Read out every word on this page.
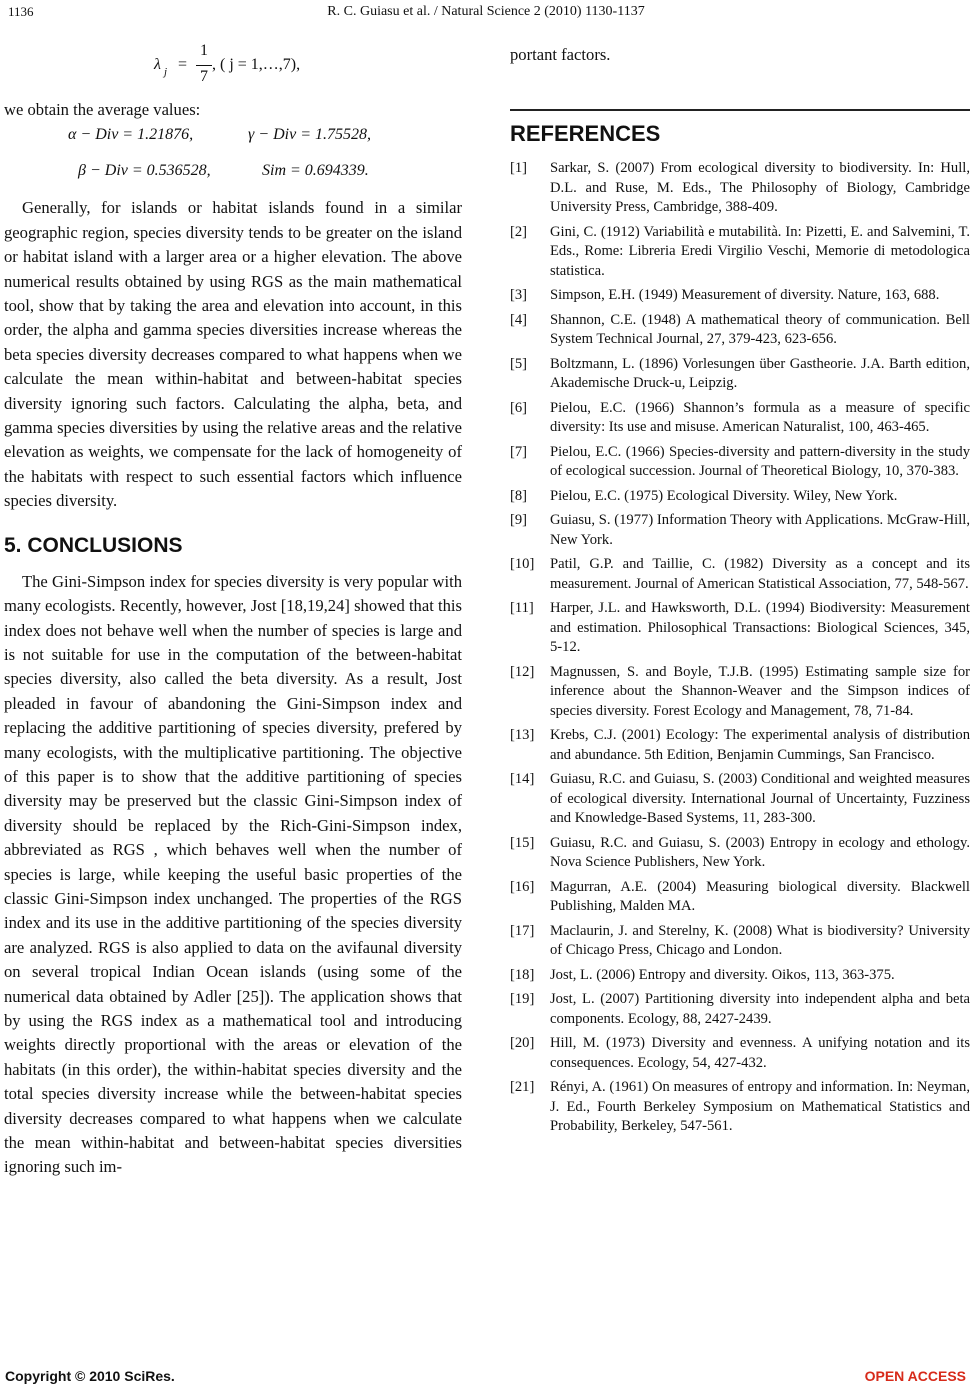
1136	R. C. Guiasu et al. / Natural Science 2 (2010) 1130-1137
λ j =
1
7
, ( j = 1,…,7),

we obtain the average values:

α − Div = 1.21876,	γ − Div = 1.75528,
β − Div = 0.536528,	Sim = 0.694339.

Generally, for islands or habitat islands found in a similar geographic region, species diversity tends to be greater on the island or habitat island with a larger area or a higher elevation. The above numerical results obtained by using RGS as the main mathematical tool, show that by taking the area and elevation into account, in this order, the alpha and gamma species diversities increase whereas the beta species diversity decreases compared to what happens when we calculate the mean within-habitat and between-habitat species diversity ignoring such factors. Calculating the alpha, beta, and gamma species diversities by using the relative areas and the relative elevation as weights, we compensate for the lack of homogeneity of the habitats with respect to such essential factors which influence species diversity.

5. CONCLUSIONS

The Gini-Simpson index for species diversity is very popular with many ecologists. Recently, however, Jost [18,19,24] showed that this index does not behave well when the number of species is large and is not suitable for use in the computation of the between-habitat species diversity, also called the beta diversity. As a result, Jost pleaded in favour of abandoning the Gini-Simpson index and replacing the additive partitioning of species diversity, prefered by many ecologists, with the multiplicative partitioning. The objective of this paper is to show that the additive partitioning of species diversity may be preserved but the classic Gini-Simpson index of diversity should be replaced by the Rich-Gini-Simpson index, abbreviated as RGS , which behaves well when the number of species is large, while keeping the useful basic properties of the classic Gini-Simpson index unchanged. The properties of the RGS index and its use in the additive partitioning of the species diversity are analyzed. RGS is also applied to data on the avifaunal diversity on several tropical Indian Ocean islands (using some of the numerical data obtained by Adler [25]). The application shows that by using the RGS index as a mathematical tool and introducing weights directly proportional with the areas or elevation of the habitats (in this order), the within-habitat species diversity and the total species diversity increase while the between-habitat species diversity decreases compared to what happens when we calculate the mean within-habitat and between-habitat species diversities ignoring such im-

portant factors.

REFERENCES
[1]	Sarkar, S. (2007) From ecological diversity to biodiversity. In: Hull, D.L. and Ruse, M. Eds., The Philosophy of Biology, Cambridge University Press, Cambridge, 388-409.
[2]	Gini, C. (1912) Variabilità e mutabilità. In: Pizetti, E. and Salvemini, T. Eds., Rome: Libreria Eredi Virgilio Veschi, Memorie di metodologica statistica.
[3]	Simpson, E.H. (1949) Measurement of diversity. Nature, 163, 688.
[4]	Shannon, C.E. (1948) A mathematical theory of communication. Bell System Technical Journal, 27, 379-423, 623-656.
[5]	Boltzmann, L. (1896) Vorlesungen über Gastheorie. J.A. Barth edition, Akademische Druck-u, Leipzig.
[6]	Pielou, E.C. (1966) Shannon’s formula as a measure of specific diversity: Its use and misuse. American Naturalist, 100, 463-465.
[7]	Pielou, E.C. (1966) Species-diversity and pattern-diversity in the study of ecological succession. Journal of Theoretical Biology, 10, 370-383.
[8]	Pielou, E.C. (1975) Ecological Diversity. Wiley, New York.
[9]	Guiasu, S. (1977) Information Theory with Applications. McGraw-Hill, New York.
[10]	Patil, G.P. and Taillie, C. (1982) Diversity as a concept and its measurement. Journal of American Statistical Association, 77, 548-567.
[11]	Harper, J.L. and Hawksworth, D.L. (1994) Biodiversity: Measurement and estimation. Philosophical Transactions: Biological Sciences, 345, 5-12.
[12]	Magnussen, S. and Boyle, T.J.B. (1995) Estimating sample size for inference about the Shannon-Weaver and the Simpson indices of species diversity. Forest Ecology and Management, 78, 71-84.
[13]	Krebs, C.J. (2001) Ecology: The experimental analysis of distribution and abundance. 5th Edition, Benjamin Cummings, San Francisco.
[14]	Guiasu, R.C. and Guiasu, S. (2003) Conditional and weighted measures of ecological diversity. International Journal of Uncertainty, Fuzziness and Knowledge-Based Systems, 11, 283-300.
[15]	Guiasu, R.C. and Guiasu, S. (2003) Entropy in ecology and ethology. Nova Science Publishers, New York.
[16]	Magurran, A.E. (2004) Measuring biological diversity. Blackwell Publishing, Malden MA.
[17]	Maclaurin, J. and Sterelny, K. (2008) What is biodiversity? University of Chicago Press, Chicago and London.
[18]	Jost, L. (2006) Entropy and diversity. Oikos, 113, 363-375.
[19]	Jost, L. (2007) Partitioning diversity into independent alpha and beta components. Ecology, 88, 2427-2439.
[20]	Hill, M. (1973) Diversity and evenness. A unifying notation and its consequences. Ecology, 54, 427-432.
[21]	Rényi, A. (1961) On measures of entropy and information. In: Neyman, J. Ed., Fourth Berkeley Symposium on Mathematical Statistics and Probability, Berkeley, 547-561.
Copyright © 2010 SciRes.	OPEN ACCESS
